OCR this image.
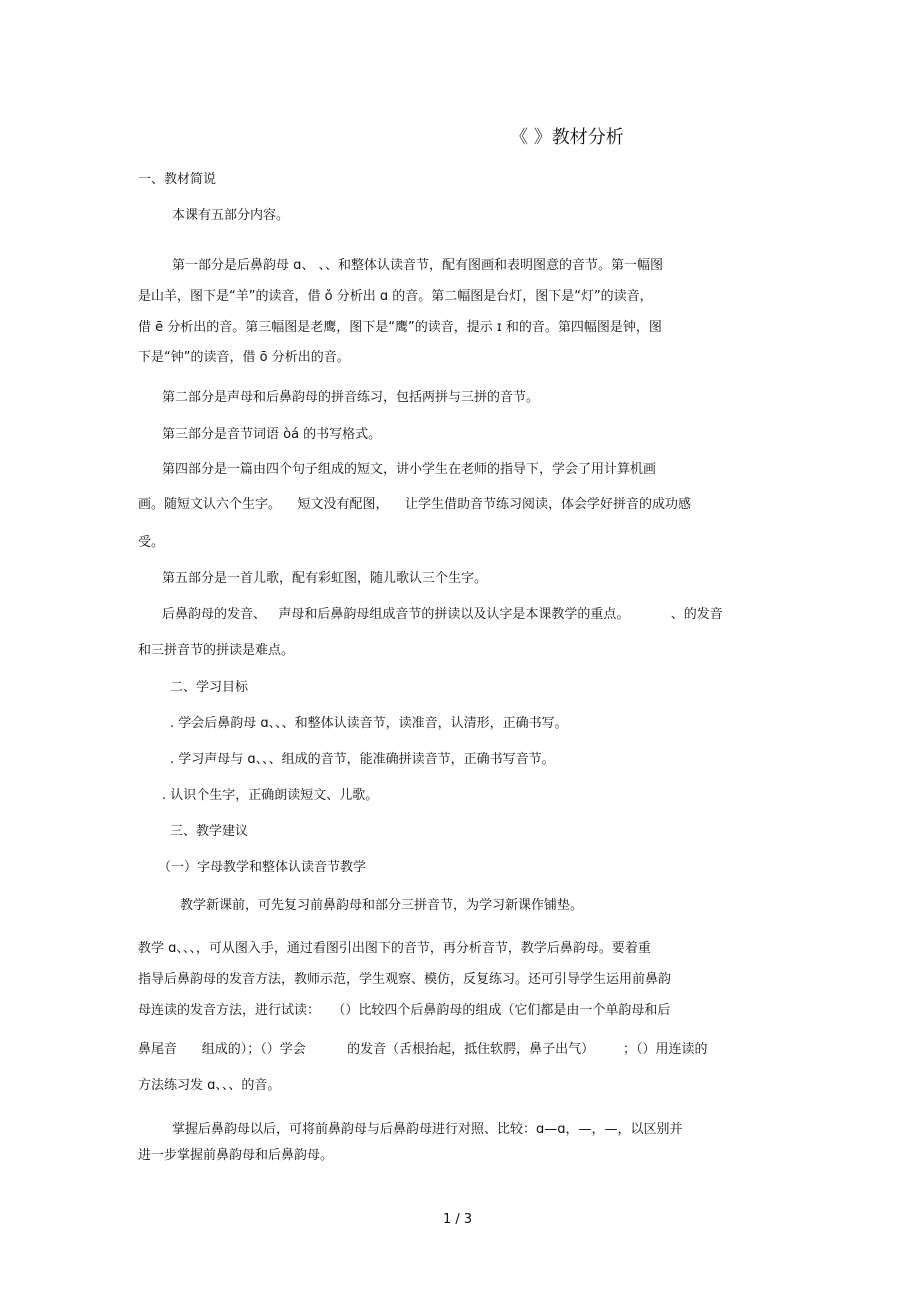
《 》教材分析
一、教材简说
本课有五部分内容。
第一部分是后鼻韵母 ɑ、 、、和整体认读音节，配有图画和表明图意的音节。第一幅图
是山羊，图下是“羊”的读音，借 ǒ 分析出 ɑ 的音。第二幅图是台灯，图下是“灯”的读音，
借 ē 分析出的音。第三幅图是老鹰，图下是“鹰”的读音，提示 ɪ 和的音。第四幅图是钟，图
下是“钟”的读音，借 ō 分析出的音。
第二部分是声母和后鼻韵母的拼音练习，包括两拼与三拼的音节。
第三部分是音节词语 òá 的书写格式。
第四部分是一篇由四个句子组成的短文，讲小学生在老师的指导下，学会了用计算机画
画。随短文认六个生字。    短文没有配图，    让学生借助音节练习阅读，体会学好拼音的成功感
受。
第五部分是一首儿歌，配有彩虹图，随儿歌认三个生字。
后鼻韵母的发音、   声母和后鼻韵母组成音节的拼读以及认字是本课教学的重点。          、的发音
和三拼音节的拼读是难点。
二、学习目标
. 学会后鼻韵母 ɑ、、、和整体认读音节，读准音，认清形，正确书写。
. 学习声母与 ɑ、、、组成的音节，能准确拼读音节，正确书写音节。
. 认识个生字，正确朗读短文、儿歌。
三、教学建议
（一）字母教学和整体认读音节教学
教学新课前，可先复习前鼻韵母和部分三拼音节，为学习新课作铺垫。
教学 ɑ、、、，可从图入手，通过看图引出图下的音节，再分析音节，教学后鼻韵母。要着重
指导后鼻韵母的发音方法，教师示范，学生观察、模仿，反复练习。还可引导学生运用前鼻韵
母连读的发音方法，进行试读：   （）比较四个后鼻韵母的组成（它们都是由一个单韵母和后
鼻尾音      组成的）；（）学会          的发音（舌根抬起，抵住软腭，鼻子出气）       ；（）用连读的
方法练习发 ɑ、、、的音。
掌握后鼻韵母以后，可将前鼻韵母与后鼻韵母进行对照、比较：ɑ—ɑ，—，—，以区别并
进一步掌握前鼻韵母和后鼻韵母。
1 / 3
